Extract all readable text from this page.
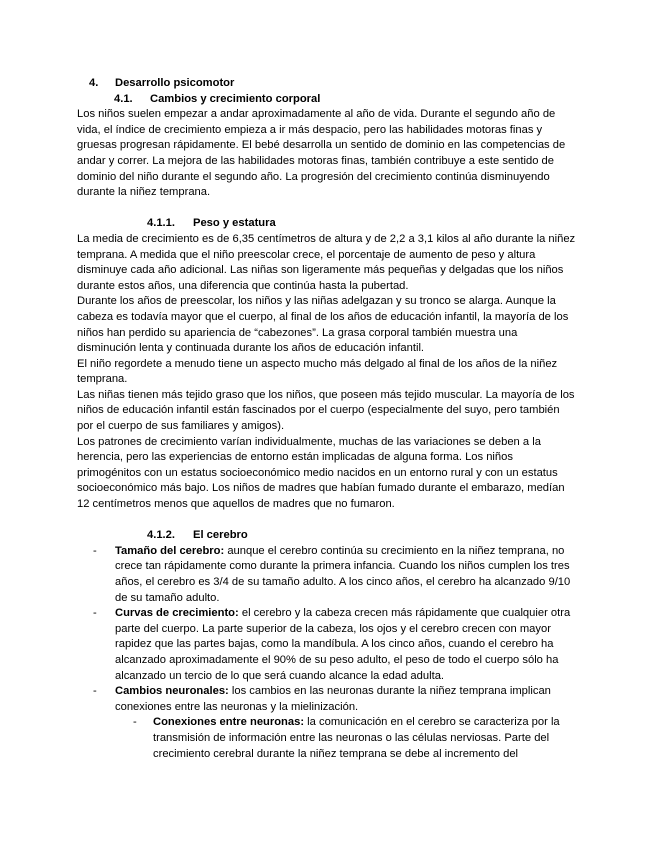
4.	Desarrollo psicomotor
4.1.	Cambios y crecimiento corporal

Los niños suelen empezar a andar aproximadamente al año de vida. Durante el segundo año de vida, el índice de crecimiento empieza a ir más despacio, pero las habilidades motoras finas y gruesas progresan rápidamente. El bebé desarrolla un sentido de dominio en las competencias de andar y correr. La mejora de las habilidades motoras finas, también contribuye a este sentido de dominio del niño durante el segundo año. La progresión del crecimiento continúa disminuyendo durante la niñez temprana.

4.1.1.	Peso y estatura

La media de crecimiento es de 6,35 centímetros de altura y de 2,2 a 3,1 kilos al año durante la niñez temprana. A medida que el niño preescolar crece, el porcentaje de aumento de peso y altura disminuye cada año adicional. Las niñas son ligeramente más pequeñas y delgadas que los niños durante estos años, una diferencia que continúa hasta la pubertad.

Durante los años de preescolar, los niños y las niñas adelgazan y su tronco se alarga. Aunque la cabeza es todavía mayor que el cuerpo, al final de los años de educación infantil, la mayoría de los niños han perdido su apariencia de “cabezones”. La grasa corporal también muestra una disminución lenta y continuada durante los años de educación infantil.

El niño regordete a menudo tiene un aspecto mucho más delgado al final de los años de la niñez temprana.

Las niñas tienen más tejido graso que los niños, que poseen más tejido muscular. La mayoría de los niños de educación infantil están fascinados por el cuerpo (especialmente del suyo, pero también por el cuerpo de sus familiares y amigos).

Los patrones de crecimiento varían individualmente, muchas de las variaciones se deben a la herencia, pero las experiencias de entorno están implicadas de alguna forma. Los niños primogénitos con un estatus socioeconómico medio nacidos en un entorno rural y con un estatus socioeconómico más bajo. Los niños de madres que habían fumado durante el embarazo, medían 12 centímetros menos que aquellos de madres que no fumaron.

4.1.2.	El cerebro
- Tamaño del cerebro: aunque el cerebro continúa su crecimiento en la niñez temprana, no crece tan rápidamente como durante la primera infancia. Cuando los niños cumplen los tres años, el cerebro es 3/4 de su tamaño adulto. A los cinco años, el cerebro ha alcanzado 9/10 de su tamaño adulto.
- Curvas de crecimiento: el cerebro y la cabeza crecen más rápidamente que cualquier otra parte del cuerpo. La parte superior de la cabeza, los ojos y el cerebro crecen con mayor rapidez que las partes bajas, como la mandíbula. A los cinco años, cuando el cerebro ha alcanzado aproximadamente el 90% de su peso adulto, el peso de todo el cuerpo sólo ha alcanzado un tercio de lo que será cuando alcance la edad adulta.
- Cambios neuronales: los cambios en las neuronas durante la niñez temprana implican conexiones entre las neuronas y la mielinización.
- Conexiones entre neuronas: la comunicación en el cerebro se caracteriza por la transmisión de información entre las neuronas o las células nerviosas. Parte del crecimiento cerebral durante la niñez temprana se debe al incremento del
